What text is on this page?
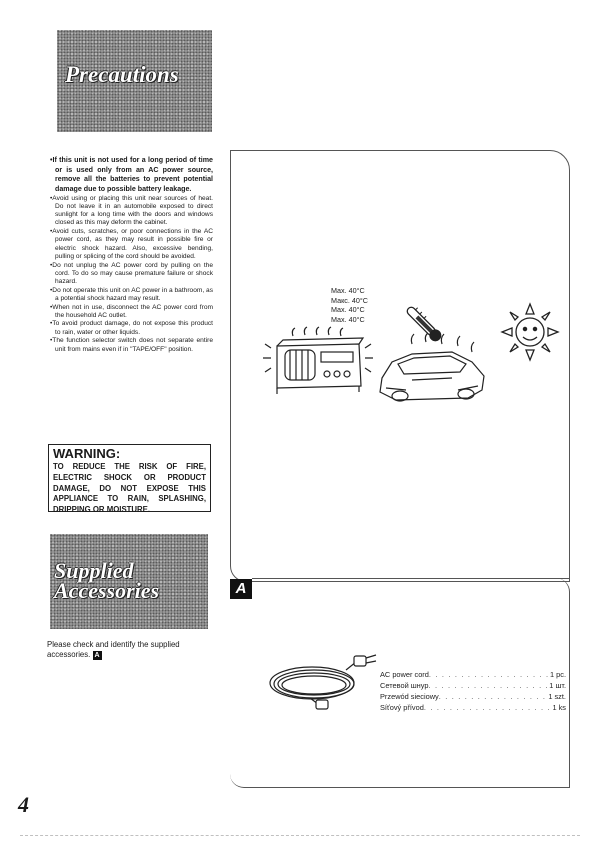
Precautions

•If this unit is not used for a long period of time or is used only from an AC power source, remove all the batteries to prevent potential damage due to possible battery leakage.

•Avoid using or placing this unit near sources of heat. Do not leave it in an automobile exposed to direct sunlight for a long time with the doors and windows closed as this may deform the cabinet.

•Avoid cuts, scratches, or poor connections in the AC power cord, as they may result in possible fire or electric shock hazard. Also, excessive bending, pulling or splicing of the cord should be avoided.

•Do not unplug the AC power cord by pulling on the cord. To do so may cause premature failure or shock hazard.

•Do not operate this unit on AC power in a bathroom, as a potential shock hazard may result.

•When not in use, disconnect the AC power cord from the household AC outlet.

•To avoid product damage, do not expose this product to rain, water or other liquids.

•The function selector switch does not separate entire unit from mains even if in "TAPE/OFF" position.

WARNING:
TO REDUCE THE RISK OF FIRE, ELECTRIC SHOCK OR PRODUCT DAMAGE, DO NOT EXPOSE THIS APPLIANCE TO RAIN, SPLASHING, DRIPPING OR MOISTURE.
Supplied
Accessories
Please check and identify the supplied accessories. A
4
Max. 40°C
Макс. 40°C
Max. 40°C
Max. 40°C
A
AC power cord . . .	1 pc.
Сетевой шнур . . .	1 шт.
Przewód sieciowy . . .	1 szt.
Síťový přívod . . .	1 ks
